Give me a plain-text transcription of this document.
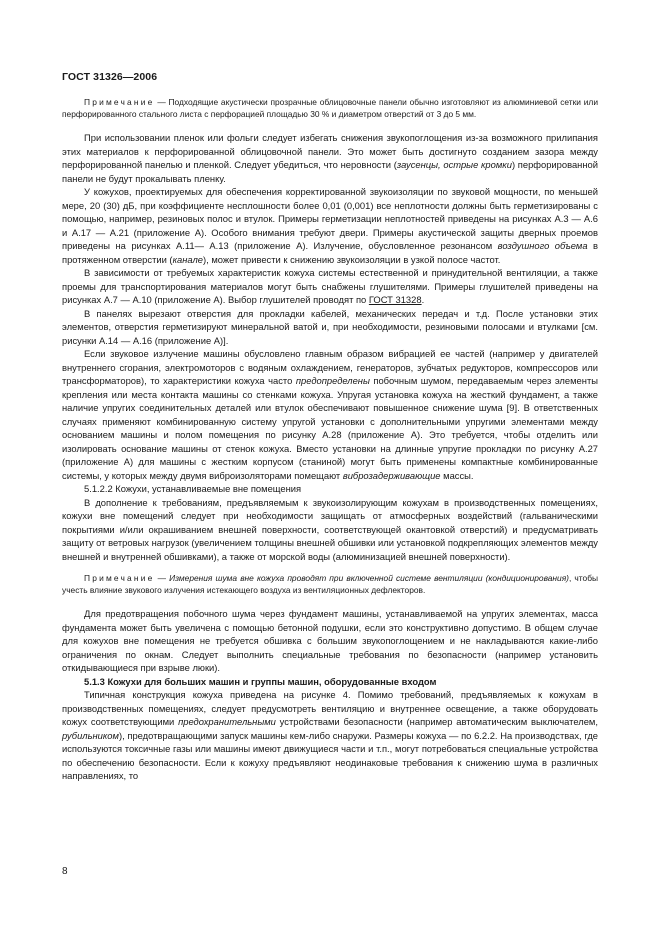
ГОСТ 31326—2006

Примечание — Подходящие акустически прозрачные облицовочные панели обычно изготовляют из алюминиевой сетки или перфорированного стального листа с перфорацией площадью 30 % и диаметром отверстий от 3 до 5 мм.

При использовании пленок или фольги следует избегать снижения звукопоглощения из-за возможного прилипания этих материалов к перфорированной облицовочной панели. Это может быть достигнуто созданием зазора между перфорированной панелью и пленкой. Следует убедиться, что неровности (заусенцы, острые кромки) перфорированной панели не будут прокалывать пленку.

У кожухов, проектируемых для обеспечения корректированной звукоизоляции по звуковой мощности, по меньшей мере, 20 (30) дБ, при коэффициенте несплошности более 0,01 (0,001) все неплотности должны быть герметизированы с помощью, например, резиновых полос и втулок. Примеры герметизации неплотностей приведены на рисунках А.3 — А.6 и А.17 — А.21 (приложение А). Особого внимания требуют двери. Примеры акустической защиты дверных проемов приведены на рисунках А.11— А.13 (приложение А). Излучение, обусловленное резонансом воздушного объема в протяженном отверстии (канале), может привести к снижению звукоизоляции в узкой полосе частот.

В зависимости от требуемых характеристик кожуха системы естественной и принудительной вентиляции, а также проемы для транспортирования материалов могут быть снабжены глушителями. Примеры глушителей приведены на рисунках А.7 — А.10 (приложение А). Выбор глушителей проводят по ГОСТ 31328.

В панелях вырезают отверстия для прокладки кабелей, механических передач и т.д. После установки этих элементов, отверстия герметизируют минеральной ватой и, при необходимости, резиновыми полосами и втулками [см. рисунки А.14 — А.16 (приложение А)].

Если звуковое излучение машины обусловлено главным образом вибрацией ее частей (например у двигателей внутреннего сгорания, электромоторов с водяным охлаждением, генераторов, зубчатых редукторов, компрессоров или трансформаторов), то характеристики кожуха часто предопределены побочным шумом, передаваемым через элементы крепления или места контакта машины со стенками кожуха. Упругая установка кожуха на жесткий фундамент, а также наличие упругих соединительных деталей или втулок обеспечивают повышенное снижение шума [9]. В ответственных случаях применяют комбинированную систему упругой установки с дополнительными упругими элементами между основанием машины и полом помещения по рисунку А.28 (приложение А). Это требуется, чтобы отделить или изолировать основание машины от стенок кожуха. Вместо установки на длинные упругие прокладки по рисунку А.27 (приложение А) для машины с жестким корпусом (станиной) могут быть применены компактные комбинированные системы, у которых между двумя виброизоляторами помещают виброзадерживающие массы.

5.1.2.2 Кожухи, устанавливаемые вне помещения

В дополнение к требованиям, предъявляемым к звукоизолирующим кожухам в производственных помещениях, кожухи вне помещений следует при необходимости защищать от атмосферных воздействий (гальваническими покрытиями и/или окрашиванием внешней поверхности, соответствующей окантовкой отверстий) и предусматривать защиту от ветровых нагрузок (увеличением толщины внешней обшивки или установкой подкрепляющих элементов между внешней и внутренней обшивками), а также от морской воды (алюминизацией внешней поверхности).

Примечание — Измерения шума вне кожуха проводят при включенной системе вентиляции (кондиционирования), чтобы учесть влияние звукового излучения истекающего воздуха из вентиляционных дефлекторов.

Для предотвращения побочного шума через фундамент машины, устанавливаемой на упругих элементах, масса фундамента может быть увеличена с помощью бетонной подушки, если это конструктивно допустимо. В общем случае для кожухов вне помещения не требуется обшивка с большим звукопоглощением и не накладываются какие-либо ограничения по окнам. Следует выполнить специальные требования по безопасности (например установить откидывающиеся при взрыве люки).

5.1.3 Кожухи для больших машин и группы машин, оборудованные входом

Типичная конструкция кожуха приведена на рисунке 4. Помимо требований, предъявляемых к кожухам в производственных помещениях, следует предусмотреть вентиляцию и внутреннее освещение, а также оборудовать кожух соответствующими предохранительными устройствами безопасности (например автоматическим выключателем, рубильником), предотвращающими запуск машины кем-либо снаружи. Размеры кожуха — по 6.2.2. На производствах, где используются токсичные газы или машины имеют движущиеся части и т.п., могут потребоваться специальные устройства по обеспечению безопасности. Если к кожуху предъявляют неодинаковые требования к снижению шума в различных направлениях, то

8
